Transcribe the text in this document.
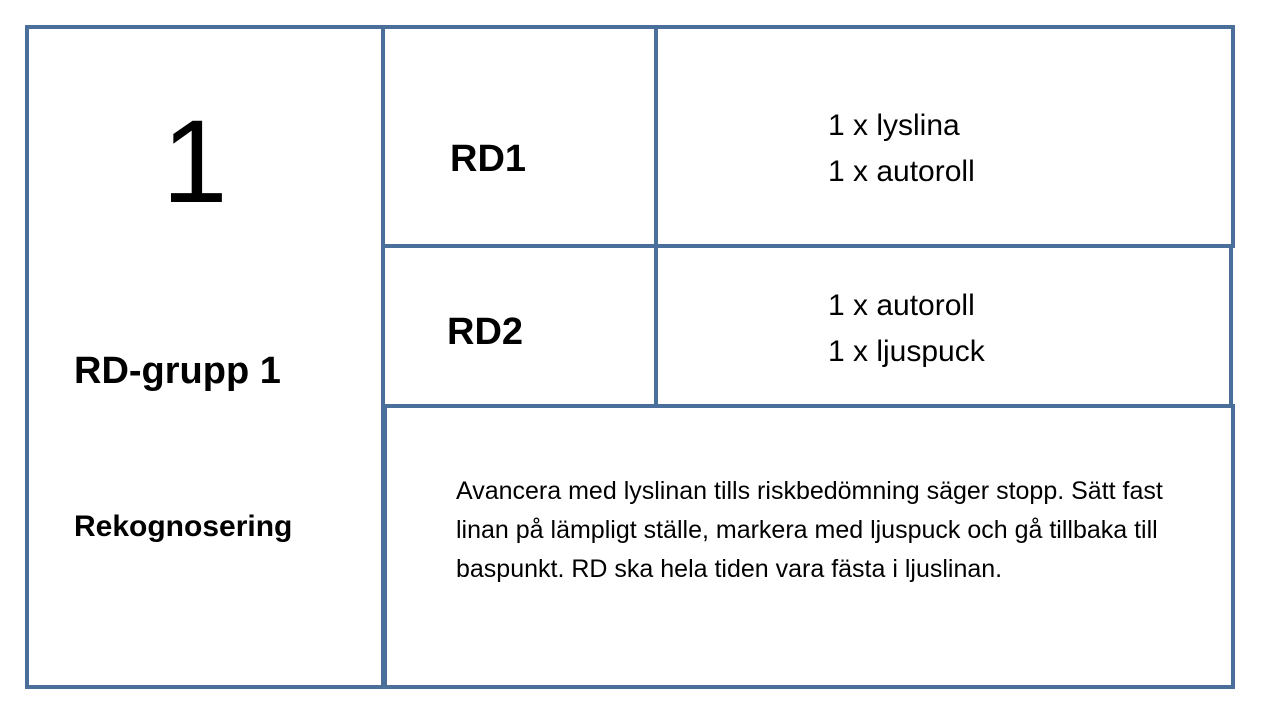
1
RD-grupp 1
Rekognosering
RD1
1 x lyslina
1 x autoroll
RD2
1 x autoroll
1 x ljuspuck
Avancera med lyslinan tills riskbedömning säger stopp. Sätt fast linan på lämpligt ställe, markera med ljuspuck och gå tillbaka till baspunkt. RD ska hela tiden vara fästa i ljuslinan.
